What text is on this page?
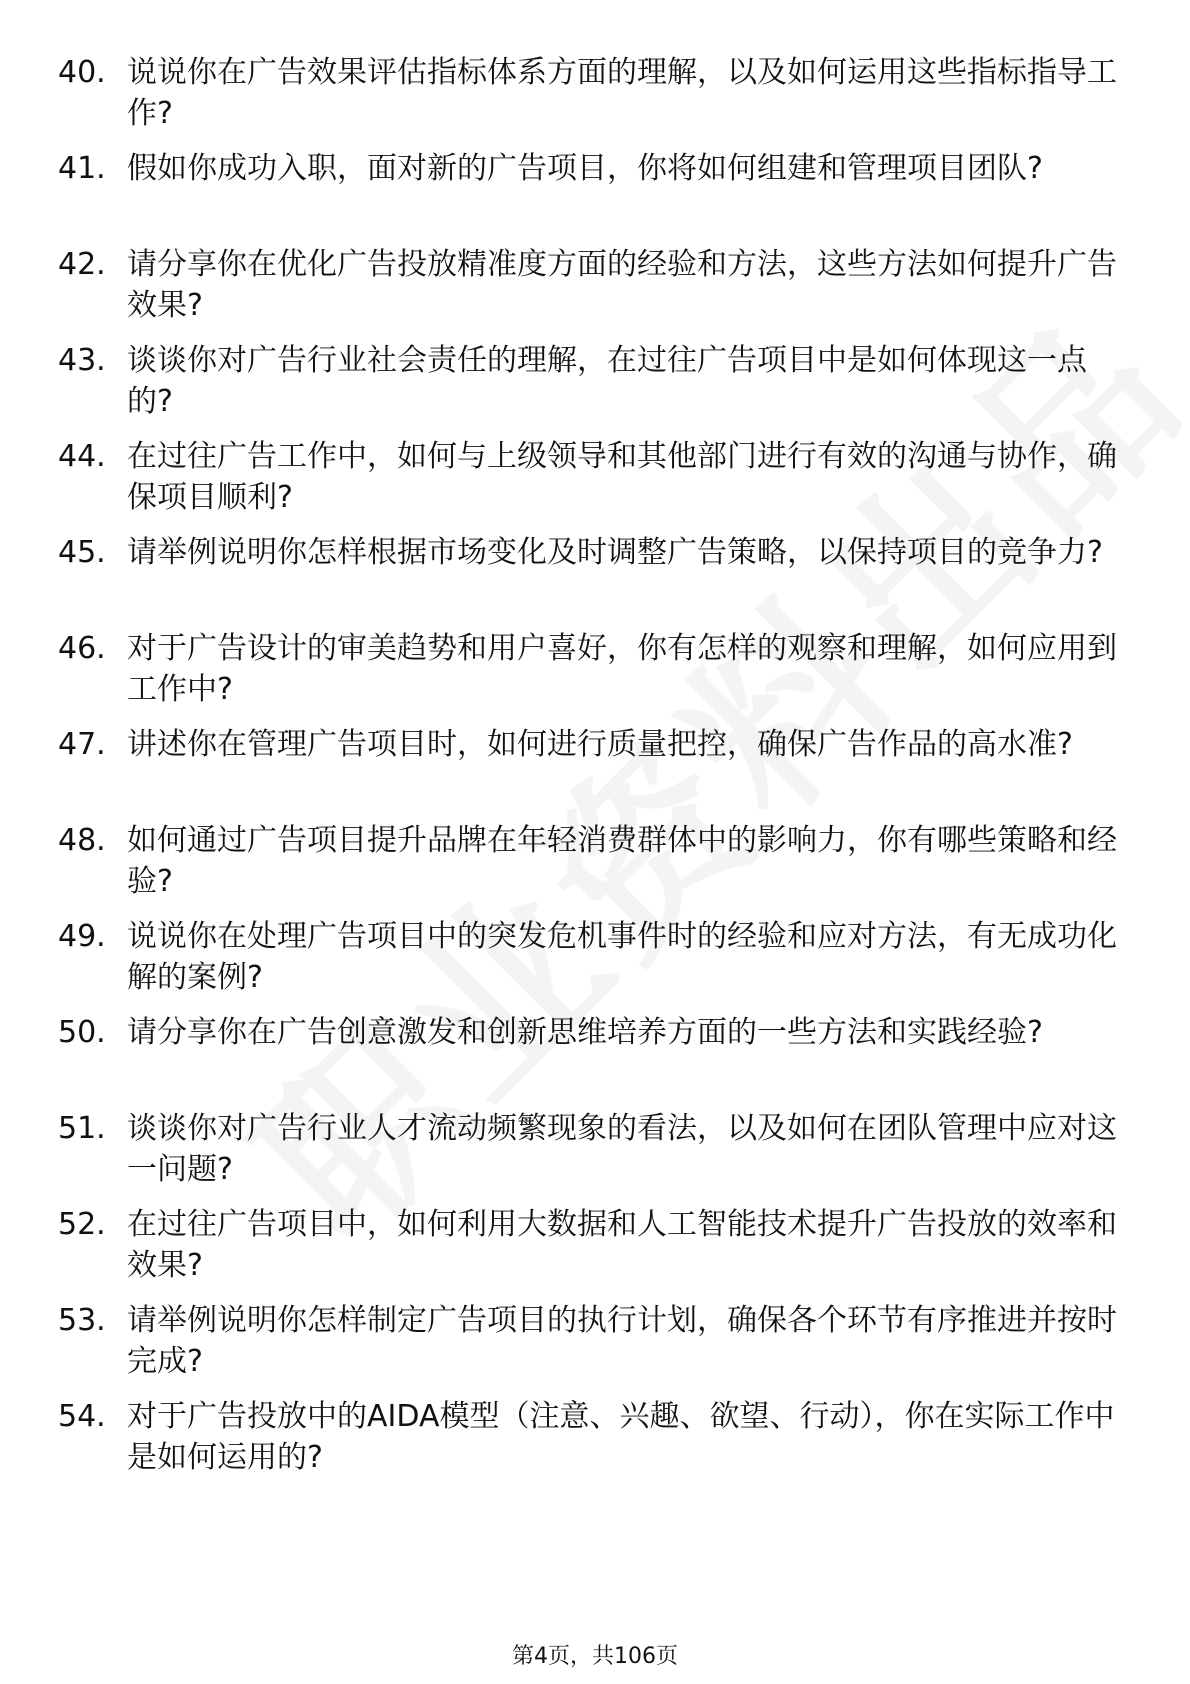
40. 说说你在广告效果评估指标体系方面的理解，以及如何运用这些指标指导工作?
41. 假如你成功入职，面对新的广告项目，你将如何组建和管理项目团队?
42. 请分享你在优化广告投放精准度方面的经验和方法，这些方法如何提升广告效果?
43. 谈谈你对广告行业社会责任的理解，在过往广告项目中是如何体现这一点的?
44. 在过往广告工作中，如何与上级领导和其他部门进行有效的沟通与协作，确保项目顺利?
45. 请举例说明你怎样根据市场变化及时调整广告策略，以保持项目的竞争力?
46. 对于广告设计的审美趋势和用户喜好，你有怎样的观察和理解，如何应用到工作中?
47. 讲述你在管理广告项目时，如何进行质量把控，确保广告作品的高水准?
48. 如何通过广告项目提升品牌在年轻消费群体中的影响力，你有哪些策略和经验?
49. 说说你在处理广告项目中的突发危机事件时的经验和应对方法，有无成功化解的案例?
50. 请分享你在广告创意激发和创新思维培养方面的一些方法和实践经验?
51. 谈谈你对广告行业人才流动频繁现象的看法，以及如何在团队管理中应对这一问题?
52. 在过往广告项目中，如何利用大数据和人工智能技术提升广告投放的效率和效果?
53. 请举例说明你怎样制定广告项目的执行计划，确保各个环节有序推进并按时完成?
54. 对于广告投放中的AIDA模型（注意、兴趣、欲望、行动），你在实际工作中是如何运用的?
第4页，共106页
